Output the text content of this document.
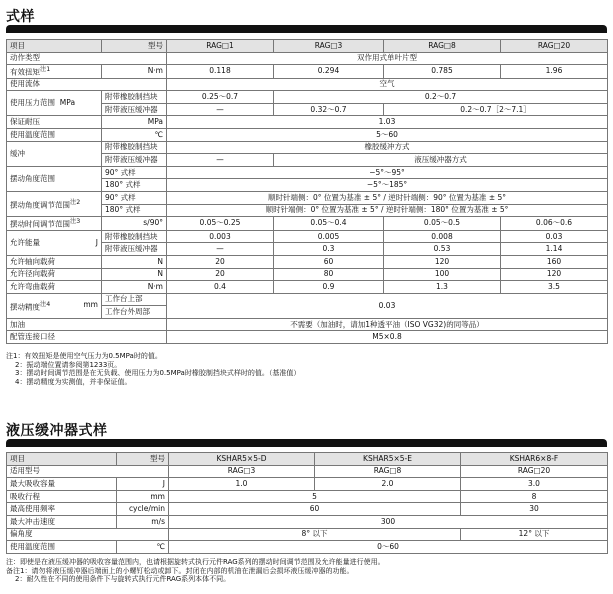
式样
项目	型号	RAG□1	RAG□3	RAG□8	RAG□20
动作类型		双作用式单叶片型			
有效扭矩$^{注1}$	N·m	0.118	0.294	0.785	1.96
使用流体		空气			
使用压力范围 MPa	附带橡胶制挡块	0.25～0.7	0.2～0.7		
	附带液压缓冲器	—	0.32～0.7	0.2～0.7［2～7.1］	
保证耐压	MPa	1.03			
使用温度范围	℃	5～60			
缓冲	附带橡胶制挡块	橡胶缓冲方式			
	附带液压缓冲器	—	液压缓冲器方式		
摆动角度范围	90° 式样	−5°～95°			
	180° 式样	−5°～185°			
摆动角度调节范围$^{注2}$	90° 式样	顺时针端侧：0° 位置为基准 ± 5° / 逆时针端侧：90° 位置为基准 ± 5°			
	180° 式样	顺时针端侧：0° 位置为基准 ± 5° / 逆时针端侧：180° 位置为基准 ± 5°			
摆动时间调节范围$^{注3}$	s/90°	0.05～0.25	0.05～0.4	0.05～0.5	0.06～0.6
允许能量 J	附带橡胶制挡块	0.003	0.005	0.008	0.03
	附带液压缓冲器	—	0.3	0.53	1.14
允许轴向载荷	N	20	60	120	160
允许径向载荷	N	20	80	100	120
允许弯曲载荷	N·m	0.4	0.9	1.3	3.5
摆动精度$^{注4}$ mm	工作台上部	0.03			
	工作台外周部				
加油		不需要（加油时，请加1种透平油（ISO VG32)的同等品）			
配管连接口径		M5×0.8			
注1：有效扭矩是使用空气压力为0.5MPa时的值。
2：振动端位置请参阅第1233页。
3：摆动时间调节范围是在无负载、使用压力为0.5MPa时橡胶制挡块式样时的值。（基准值）
4：摆动精度为实测值，并非保证值。
液压缓冲器式样
项目	型号	KSHAR5×5-D	KSHAR5×5-E	KSHAR6×8-F
适用型号		RAG□3	RAG□8	RAG□20
最大吸收容量	J	1.0	2.0	3.0
吸收行程	mm	5		8
最高使用频率	cycle/min	60		30
最大冲击速度	m/s	300		
偏角度		8° 以下		12° 以下
使用温度范围	℃	0～60		
注：即使是在液压缓冲器的吸收容量范围内，也请根据旋转式执行元件RAG系列的摆动时间调节范围及允许能量进行使用。
备注1：请勿将液压缓冲器后端面上的小螺钉松动或卸下。封闭在内部的机油在泄漏后会损坏液压缓冲器的功能。
2：耐久性在不同的使用条件下与旋转式执行元件RAG系列本体不同。
